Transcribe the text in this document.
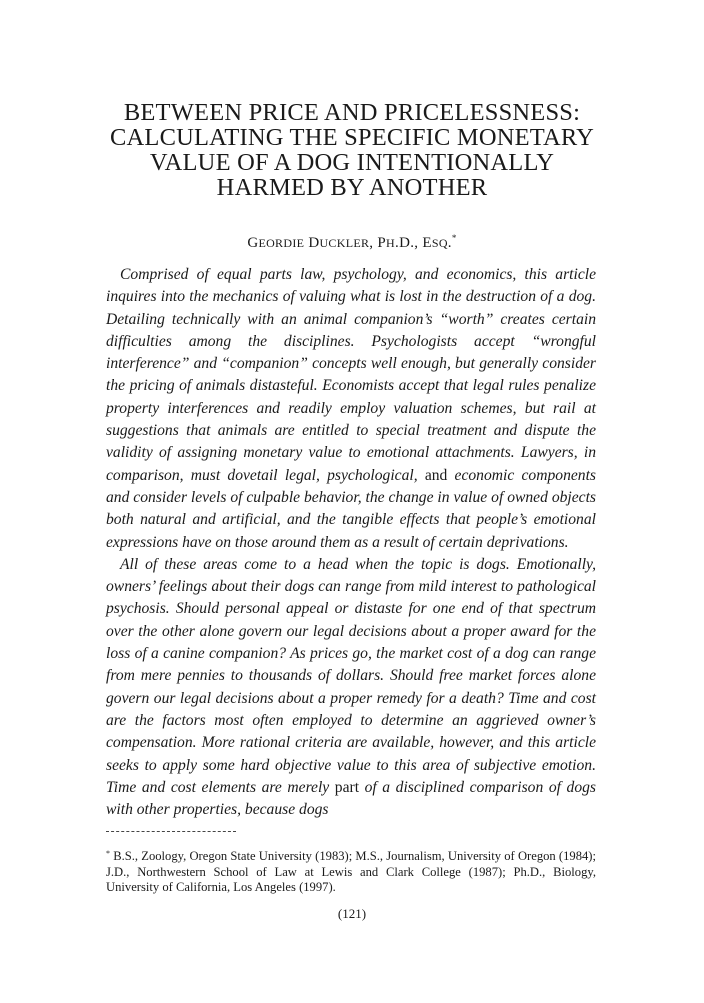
BETWEEN PRICE AND PRICELESSNESS:
CALCULATING THE SPECIFIC MONETARY
VALUE OF A DOG INTENTIONALLY
HARMED BY ANOTHER
GEORDIE DUCKLER, PH.D., ESQ.*

Comprised of equal parts law, psychology, and economics, this article inquires into the mechanics of valuing what is lost in the destruction of a dog. Detailing technically with an animal companion’s “worth” creates certain difficulties among the disciplines. Psychologists accept “wrongful interference” and “companion” concepts well enough, but generally consider the pricing of animals distasteful. Economists accept that legal rules penalize property interferences and readily employ valuation schemes, but rail at suggestions that animals are entitled to special treatment and dispute the validity of assigning monetary value to emotional attachments. Lawyers, in comparison, must dovetail legal, psychological, and economic components and consider levels of culpable behavior, the change in value of owned objects both natural and artificial, and the tangible effects that people’s emotional expressions have on those around them as a result of certain deprivations.

All of these areas come to a head when the topic is dogs. Emotionally, owners’ feelings about their dogs can range from mild interest to pathological psychosis. Should personal appeal or distaste for one end of that spectrum over the other alone govern our legal decisions about a proper award for the loss of a canine companion? As prices go, the market cost of a dog can range from mere pennies to thousands of dollars. Should free market forces alone govern our legal decisions about a proper remedy for a death? Time and cost are the factors most often employed to determine an aggrieved owner’s compensation. More rational criteria are available, however, and this article seeks to apply some hard objective value to this area of subjective emotion. Time and cost elements are merely part of a disciplined comparison of dogs with other properties, because dogs

* B.S., Zoology, Oregon State University (1983); M.S., Journalism, University of Oregon (1984); J.D., Northwestern School of Law at Lewis and Clark College (1987); Ph.D., Biology, University of California, Los Angeles (1997).
(121)
